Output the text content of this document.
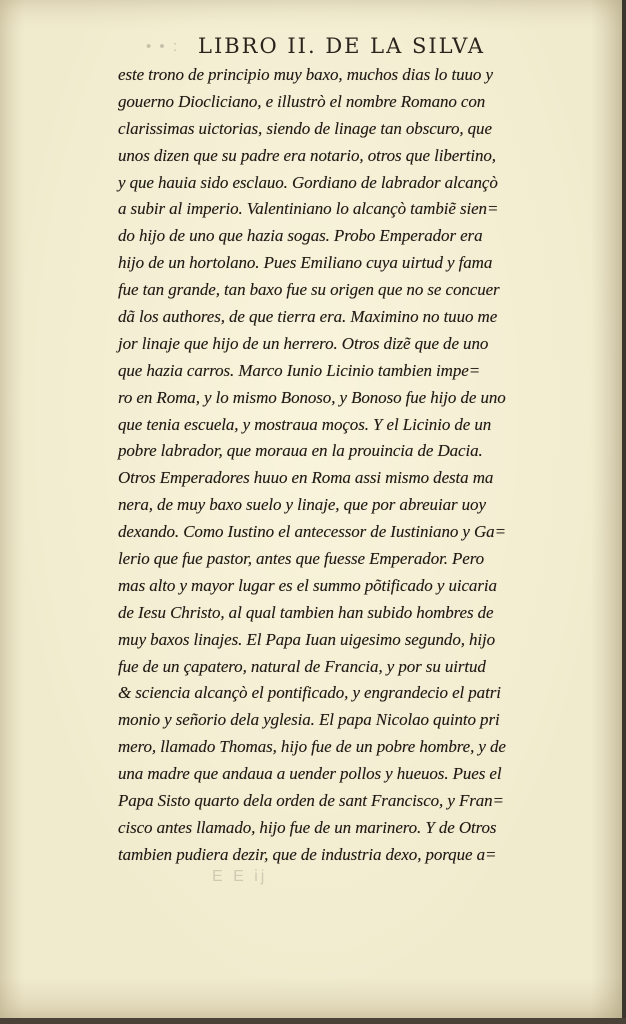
• • : LIBRO II. DE LA SILVA
este trono de principio muy baxo, muchos dias lo tuuo y
gouerno Diocliciano, e illustrò el nombre Romano con
clarissimas uictorias, siendo de linage tan obscuro, que
unos dizen que su padre era notario, otros que libertino,
y que hauia sido esclauo. Gordiano de labrador alcançò
a subir al imperio. Valentiniano lo alcançò tambiẽ sien=
do hijo de uno que hazia sogas. Probo Emperador era
hijo de un hortolano. Pues Emiliano cuya uirtud y fama
fue tan grande, tan baxo fue su origen que no se concuer
dã los authores, de que tierra era. Maximino no tuuo me
jor linaje que hijo de un herrero. Otros dizẽ que de uno
que hazia carros. Marco Iunio Licinio tambien impe=
ro en Roma, y lo mismo Bonoso, y Bonoso fue hijo de uno
que tenia escuela, y mostraua moços. Y el Licinio de un
pobre labrador, que moraua en la prouincia de Dacia.
Otros Emperadores huuo en Roma assi mismo desta ma
nera, de muy baxo suelo y linaje, que por abreuiar uoy
dexando. Como Iustino el antecessor de Iustiniano y Ga=
lerio que fue pastor, antes que fuesse Emperador. Pero
mas alto y mayor lugar es el summo põtificado y uicaria
de Iesu Christo, al qual tambien han subido hombres de
muy baxos linajes. El Papa Iuan uigesimo segundo, hijo
fue de un çapatero, natural de Francia, y por su uirtud
& sciencia alcançò el pontificado, y engrandecio el patri
monio y señorio dela yglesia. El papa Nicolao quinto pri
mero, llamado Thomas, hijo fue de un pobre hombre, y de
una madre que andaua a uender pollos y hueuos. Pues el
Papa Sisto quarto dela orden de sant Francisco, y Fran=
cisco antes llamado, hijo fue de un marinero. Y de Otros
tambien pudiera dezir, que de industria dexo, porque a=
E E ij
